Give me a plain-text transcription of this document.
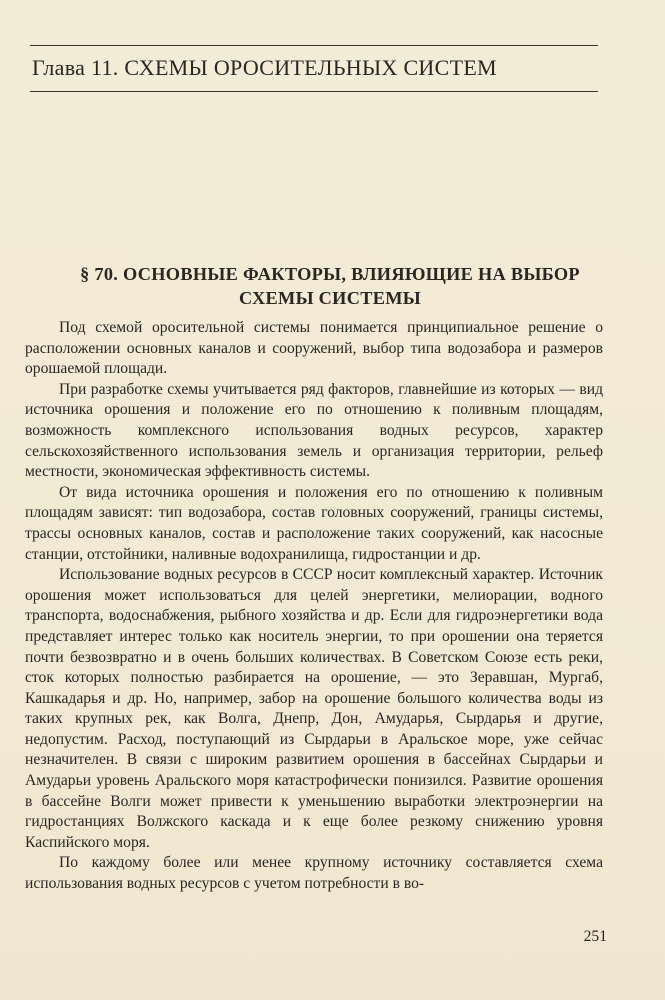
Глава 11. СХЕМЫ ОРОСИТЕЛЬНЫХ СИСТЕМ
§ 70. ОСНОВНЫЕ ФАКТОРЫ, ВЛИЯЮЩИЕ НА ВЫБОР
СХЕМЫ СИСТЕМЫ

Под схемой оросительной системы понимается принципиальное решение о расположении основных каналов и сооружений, выбор типа водозабора и размеров орошаемой площади.

При разработке схемы учитывается ряд факторов, главнейшие из которых — вид источника орошения и положение его по отношению к поливным площадям, возможность комплексного использования водных ресурсов, характер сельскохозяйственного использования земель и организация территории, рельеф местности, экономическая эффективность системы.

От вида источника орошения и положения его по отношению к поливным площадям зависят: тип водозабора, состав головных сооружений, границы системы, трассы основных каналов, состав и расположение таких сооружений, как насосные станции, отстойники, наливные водохранилища, гидростанции и др.

Использование водных ресурсов в СССР носит комплексный характер. Источник орошения может использоваться для целей энергетики, мелиорации, водного транспорта, водоснабжения, рыбного хозяйства и др. Если для гидроэнергетики вода представляет интерес только как носитель энергии, то при орошении она теряется почти безвозвратно и в очень больших количествах. В Советском Союзе есть реки, сток которых полностью разбирается на орошение, — это Зеравшан, Мургаб, Кашкадарья и др. Но, например, забор на орошение большого количества воды из таких крупных рек, как Волга, Днепр, Дон, Амударья, Сырдарья и другие, недопустим. Расход, поступающий из Сырдарьи в Аральское море, уже сейчас незначителен. В связи с широким развитием орошения в бассейнах Сырдарьи и Амударьи уровень Аральского моря катастрофически понизился. Развитие орошения в бассейне Волги может привести к уменьшению выработки электроэнергии на гидростанциях Волжского каскада и к еще более резкому снижению уровня Каспийского моря.

По каждому более или менее крупному источнику составляется схема использования водных ресурсов с учетом потребности в во-

251
